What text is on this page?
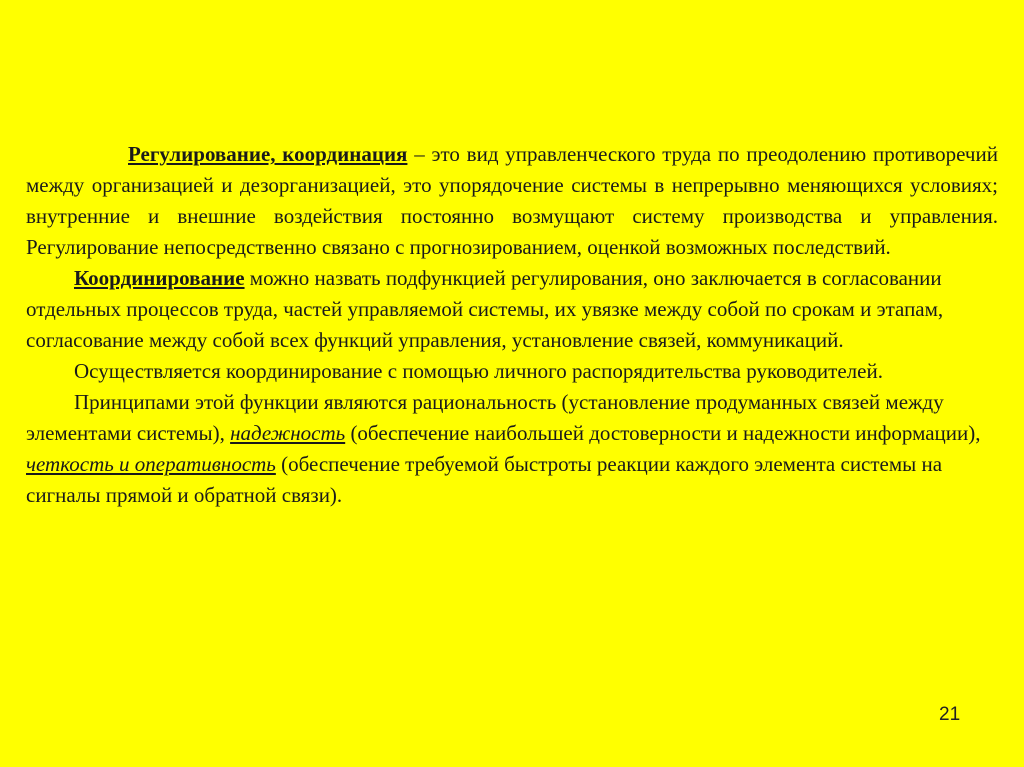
Регулирование, координация – это вид управленческого труда по преодолению противоречий между организацией и дезорганизацией, это упорядочение системы в непрерывно меняющихся условиях; внутренние и внешние воздействия постоянно возмущают систему производства и управления. Регулирование непосредственно связано с прогнозированием, оценкой возможных последствий.

Координирование можно назвать подфункцией регулирования, оно заключается в согласовании отдельных процессов труда, частей управляемой системы, их увязке между собой по срокам и этапам, согласование между собой всех функций управления, установление связей, коммуникаций.

Осуществляется координирование с помощью личного распорядительства руководителей.

Принципами этой функции являются рациональность (установление продуманных связей между элементами системы), надежность (обеспечение наибольшей достоверности и надежности информации), четкость и оперативность (обеспечение требуемой быстроты реакции каждого элемента системы на сигналы прямой и обратной связи).

21
